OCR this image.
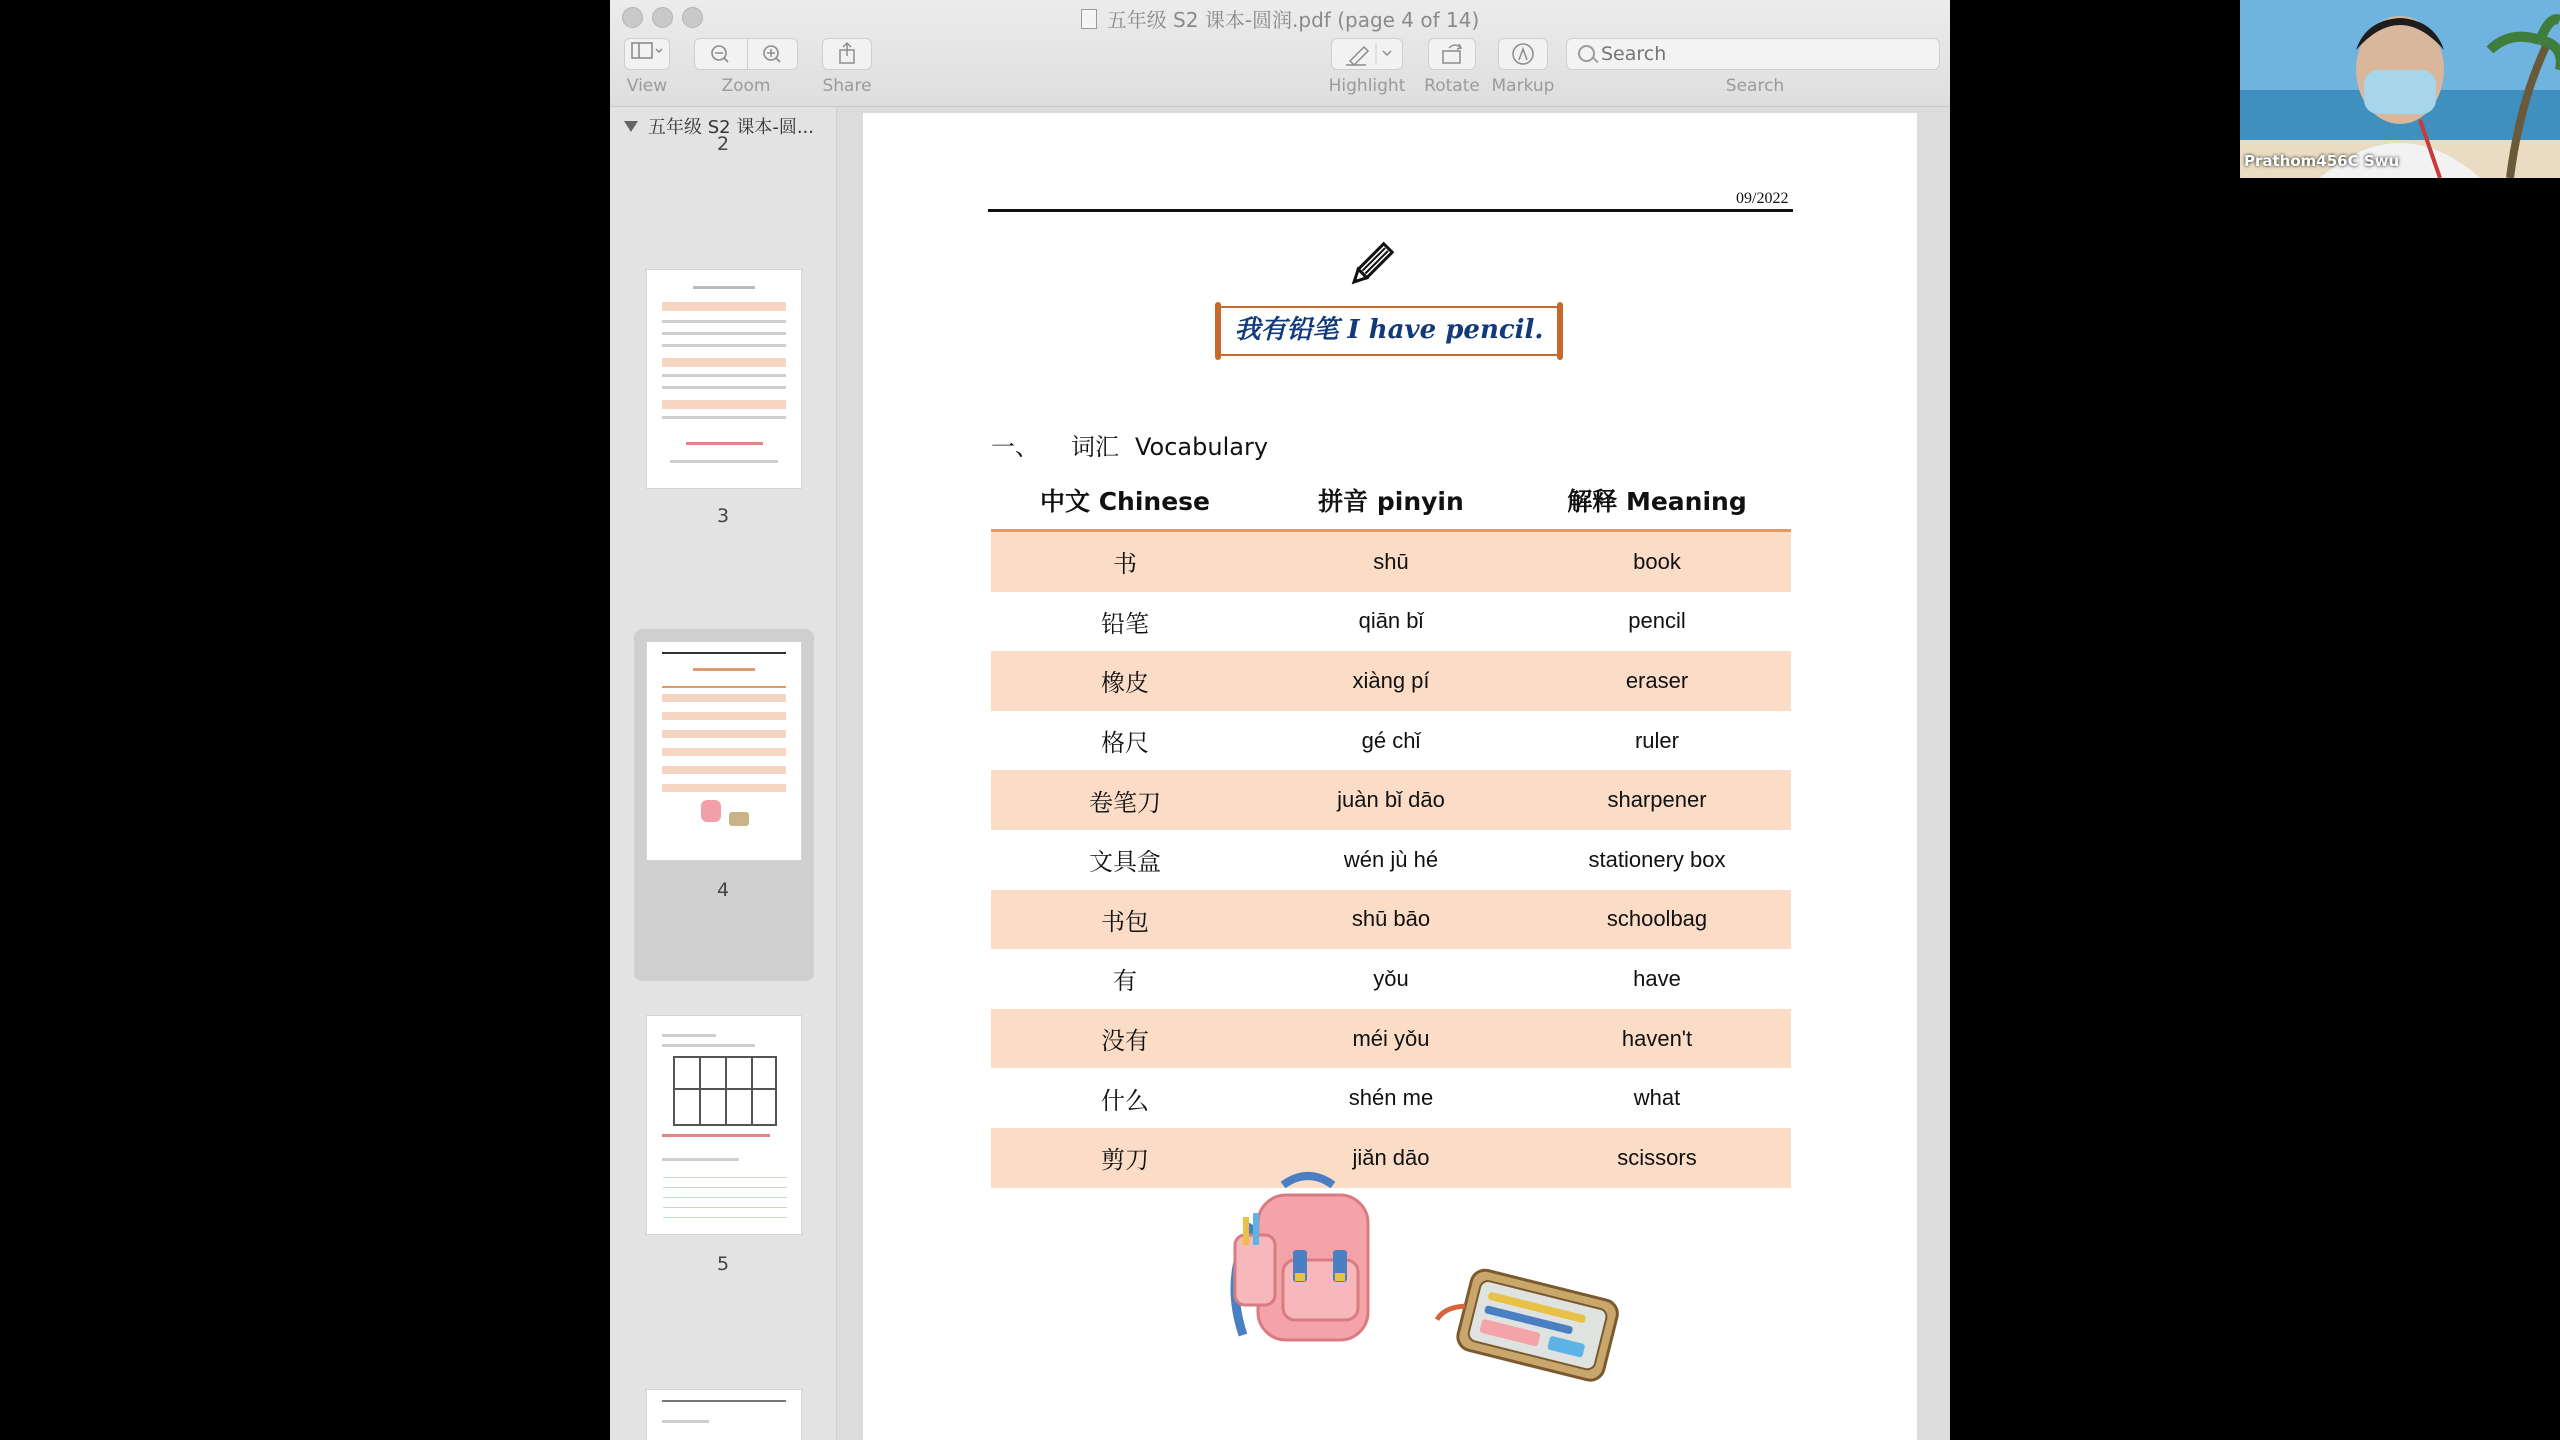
五年级 S2 课本-圆润.pdf (page 4 of 14)
View	Zoom	Share	Highlight	Rotate Markup
Search	Search
五年级 S2 课本-圆...
2
3
4
5
09/2022
我有铅笔 I have pencil.
一、 词汇 Vocabulary
中文 Chinese	拼音 pinyin	解释 Meaning
书	shū	book
铅笔	qiān bǐ	pencil
橡皮	xiàng pí	eraser
格尺	gé chǐ	ruler
卷笔刀	juàn bǐ dāo	sharpener
文具盒	wén jù hé	stationery box
书包	shū bāo	schoolbag
有	yǒu	have
没有	méi yǒu	haven't
什么	shén me	what
剪刀	jiǎn dāo	scissors
Prathom456C Swu
